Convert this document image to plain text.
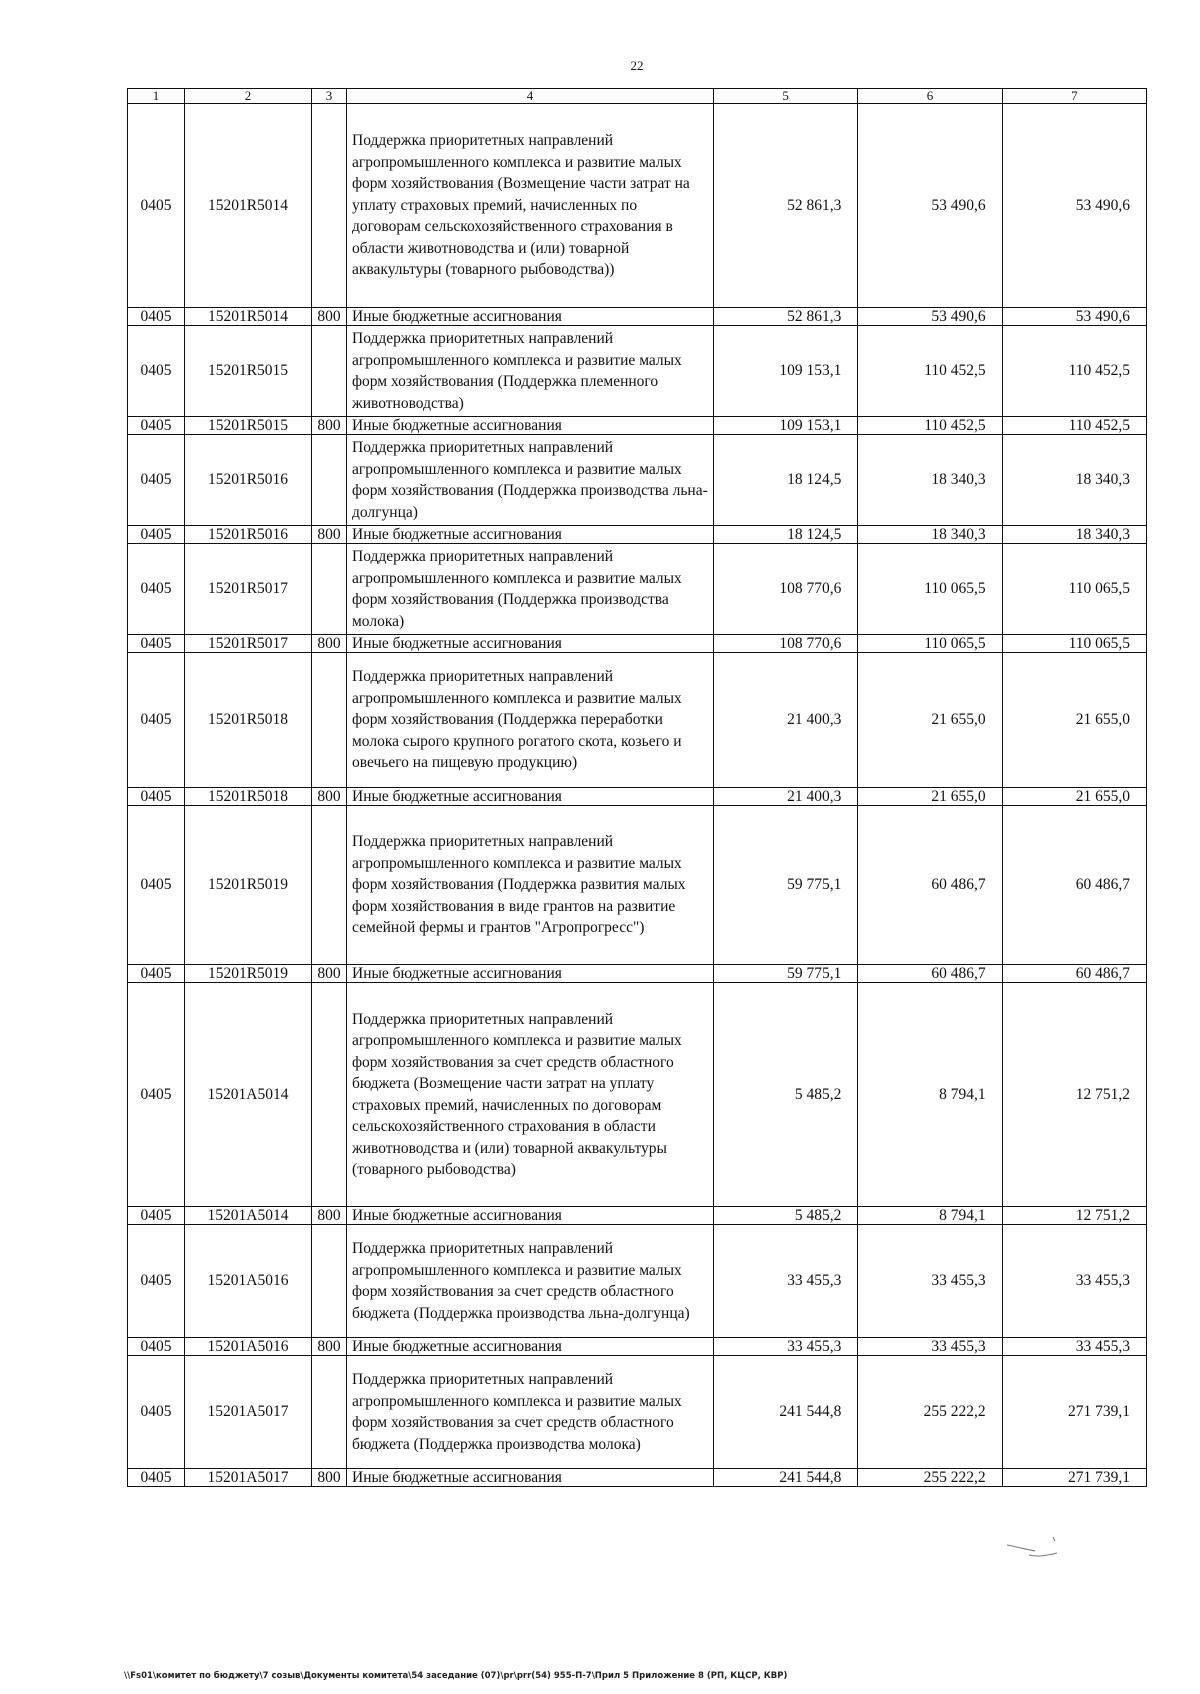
22
1	2	3	4	5	6	7
0405	15201R5014		Поддержка приоритетных направлений агропромышленного комплекса и развитие малых форм хозяйствования (Возмещение части затрат на уплату страховых премий, начисленных по договорам сельскохозяйственного страхования в области животноводства и (или) товарной аквакультуры (товарного рыбоводства))	52 861,3	53 490,6	53 490,6
0405	15201R5014	800	Иные бюджетные ассигнования	52 861,3	53 490,6	53 490,6
0405	15201R5015		Поддержка приоритетных направлений агропромышленного комплекса и развитие малых форм хозяйствования (Поддержка племенного животноводства)	109 153,1	110 452,5	110 452,5
0405	15201R5015	800	Иные бюджетные ассигнования	109 153,1	110 452,5	110 452,5
0405	15201R5016		Поддержка приоритетных направлений агропромышленного комплекса и развитие малых форм хозяйствования (Поддержка производства льна-долгунца)	18 124,5	18 340,3	18 340,3
0405	15201R5016	800	Иные бюджетные ассигнования	18 124,5	18 340,3	18 340,3
0405	15201R5017		Поддержка приоритетных направлений агропромышленного комплекса и развитие малых форм хозяйствования (Поддержка производства молока)	108 770,6	110 065,5	110 065,5
0405	15201R5017	800	Иные бюджетные ассигнования	108 770,6	110 065,5	110 065,5
0405	15201R5018		Поддержка приоритетных направлений агропромышленного комплекса и развитие малых форм хозяйствования (Поддержка переработки молока сырого крупного рогатого скота, козьего и овечьего на пищевую продукцию)	21 400,3	21 655,0	21 655,0
0405	15201R5018	800	Иные бюджетные ассигнования	21 400,3	21 655,0	21 655,0
0405	15201R5019		Поддержка приоритетных направлений агропромышленного комплекса и развитие малых форм хозяйствования (Поддержка развития малых форм хозяйствования в виде грантов на развитие семейной фермы и грантов "Агропрогресс")	59 775,1	60 486,7	60 486,7
0405	15201R5019	800	Иные бюджетные ассигнования	59 775,1	60 486,7	60 486,7
0405	15201A5014		Поддержка приоритетных направлений агропромышленного комплекса и развитие малых форм хозяйствования за счет средств областного бюджета (Возмещение части затрат на уплату страховых премий, начисленных по договорам сельскохозяйственного страхования в области животноводства и (или) товарной аквакультуры (товарного рыбоводства)	5 485,2	8 794,1	12 751,2
0405	15201A5014	800	Иные бюджетные ассигнования	5 485,2	8 794,1	12 751,2
0405	15201A5016		Поддержка приоритетных направлений агропромышленного комплекса и развитие малых форм хозяйствования за счет средств областного бюджета (Поддержка производства льна-долгунца)	33 455,3	33 455,3	33 455,3
0405	15201A5016	800	Иные бюджетные ассигнования	33 455,3	33 455,3	33 455,3
0405	15201A5017		Поддержка приоритетных направлений агропромышленного комплекса и развитие малых форм хозяйствования за счет средств областного бюджета (Поддержка производства молока)	241 544,8	255 222,2	271 739,1
0405	15201A5017	800	Иные бюджетные ассигнования	241 544,8	255 222,2	271 739,1
\\Fs01\комитет по бюджету\7 созыв\Документы комитета\54 заседание (07)\pr\prr(54) 955-П-7\Прил 5 Приложение 8 (РП, КЦСР, КВР)
